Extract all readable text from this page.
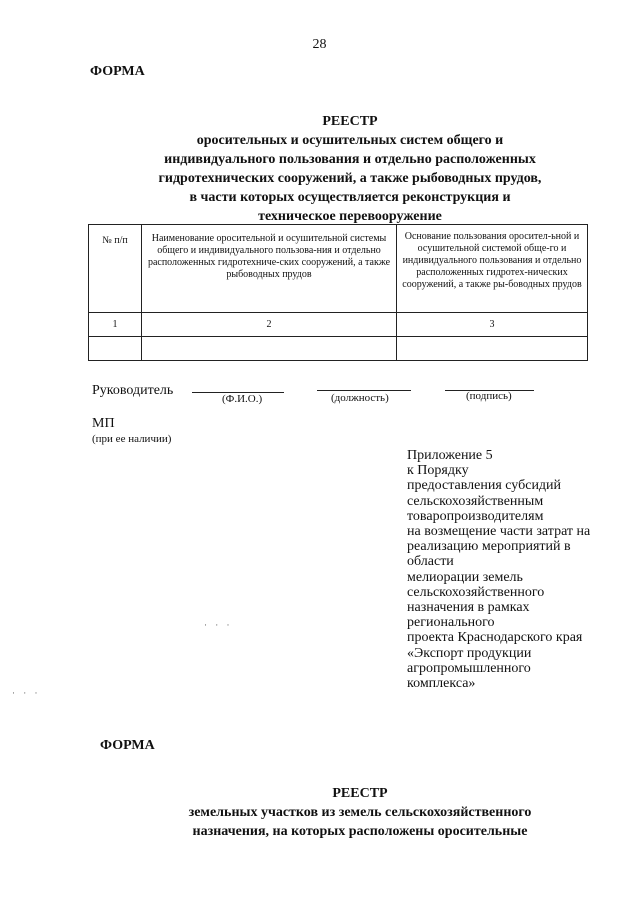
28
ФОРМА
РЕЕСТР
оросительных и осушительных систем общего и
индивидуального пользования и отдельно расположенных
гидротехнических сооружений, а также рыбоводных прудов,
в части которых осуществляется реконструкция и
техническое перевооружение
№ п/п	Наименование оросительной и осушительной системы общего и индивидуального пользова-ния и отдельно расположенных гидротехниче-ских сооружений, а также рыбоводных прудов	Основание пользования оросител-ьной и осушительной системой обще-го и индивидуального пользования и отдельно расположенных гидротех-нических сооружений, а также ры-боводных прудов
1	2	3

Руководитель
(Ф.И.О.)	(должность)	(подпись)
МП
(при ее наличии)
Приложение 5
к Порядку
предоставления субсидий
сельскохозяйственным
товаропроизводителям
на возмещение части затрат на
реализацию мероприятий в
области
мелиорации земель
сельскохозяйственного
назначения в рамках
регионального
проекта Краснодарского края
«Экспорт продукции
агропромышленного
комплекса»
· · ·
· · ·
ФОРМА
РЕЕСТР
земельных участков из земель сельскохозяйственного
назначения, на которых расположены оросительные
